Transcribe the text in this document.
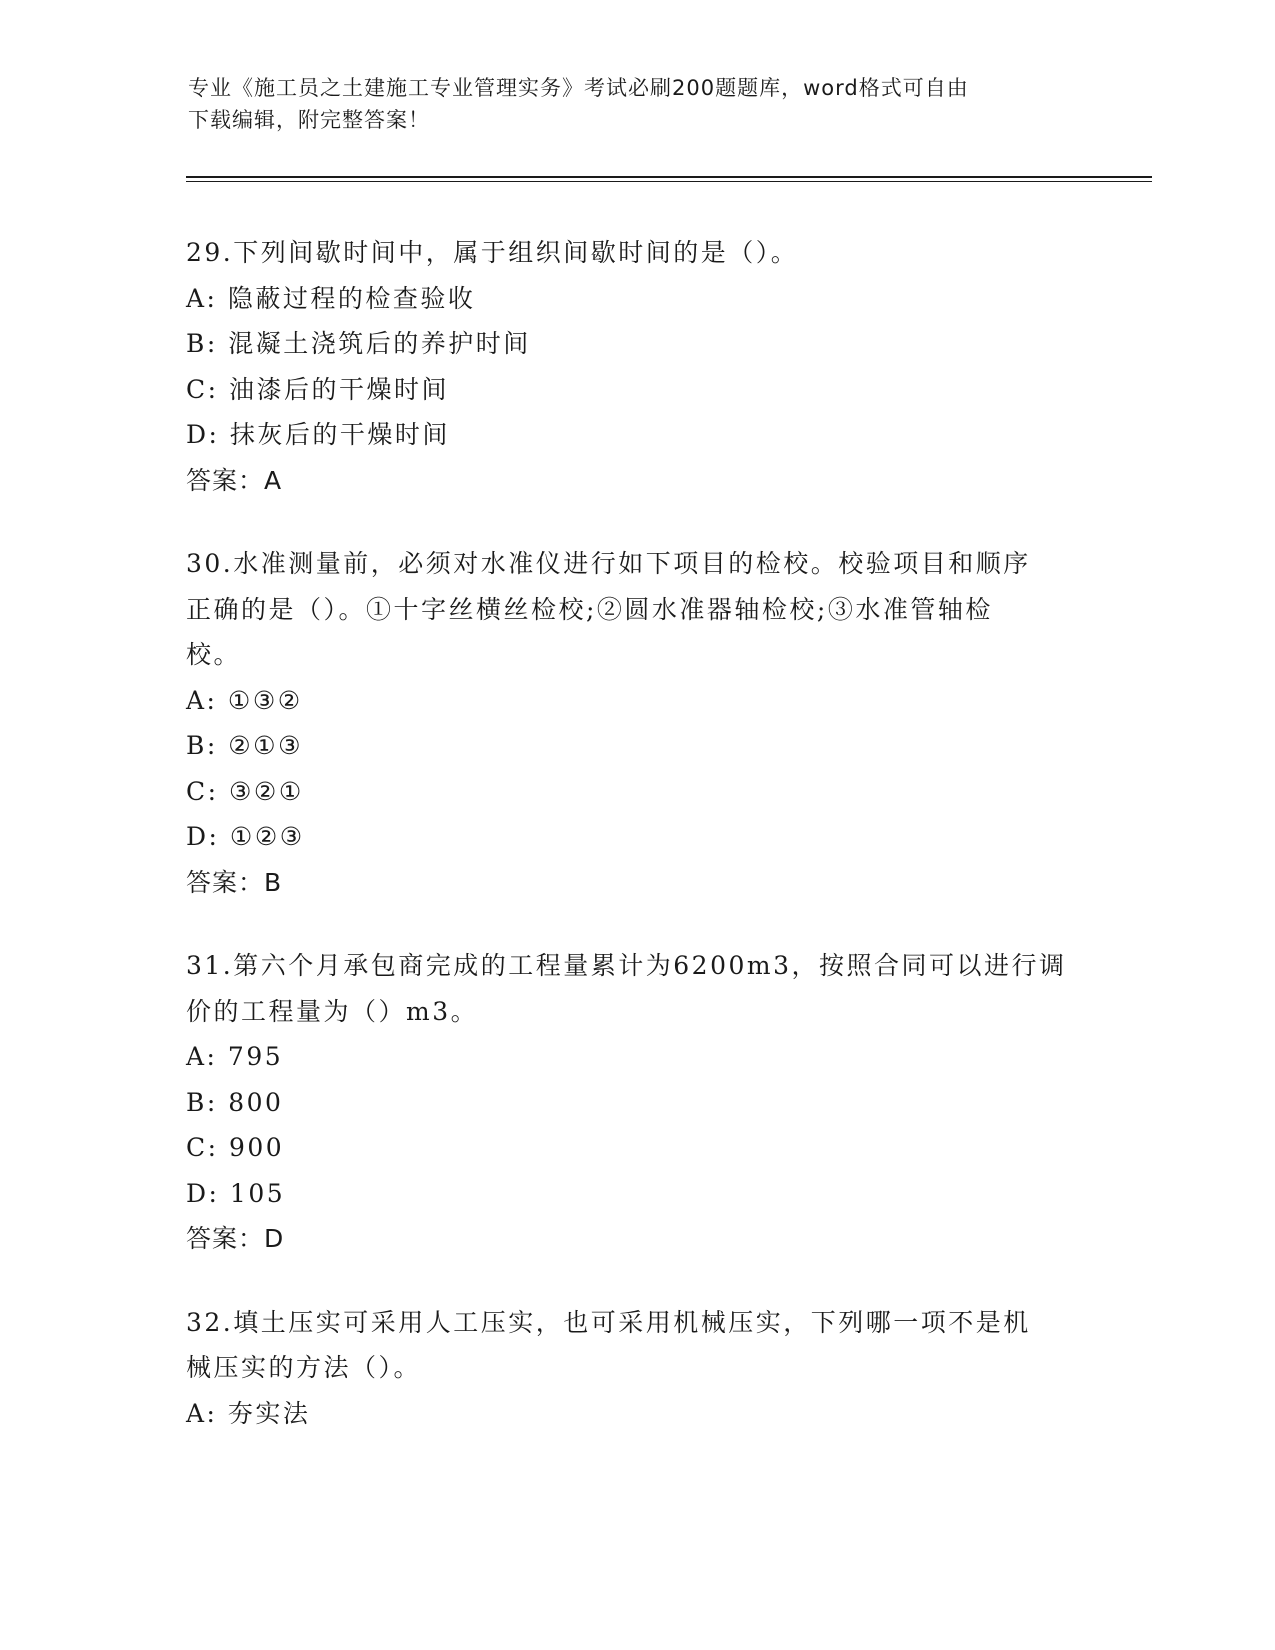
专业《施工员之土建施工专业管理实务》考试必刷200题题库，word格式可自由
下载编辑，附完整答案！
29.下列间歇时间中，属于组织间歇时间的是（）。
A: 隐蔽过程的检查验收
B: 混凝土浇筑后的养护时间
C: 油漆后的干燥时间
D: 抹灰后的干燥时间
答案：A
30.水准测量前，必须对水准仪进行如下项目的检校。校验项目和顺序
正确的是（）。①十字丝横丝检校;②圆水准器轴检校;③水准管轴检
校。
A: ①③②
B: ②①③
C: ③②①
D: ①②③
答案：B
31.第六个月承包商完成的工程量累计为6200m3，按照合同可以进行调
价的工程量为（）m3。
A: 795
B: 800
C: 900
D: 105
答案：D
32.填土压实可采用人工压实，也可采用机械压实，下列哪一项不是机
械压实的方法（）。
A: 夯实法
